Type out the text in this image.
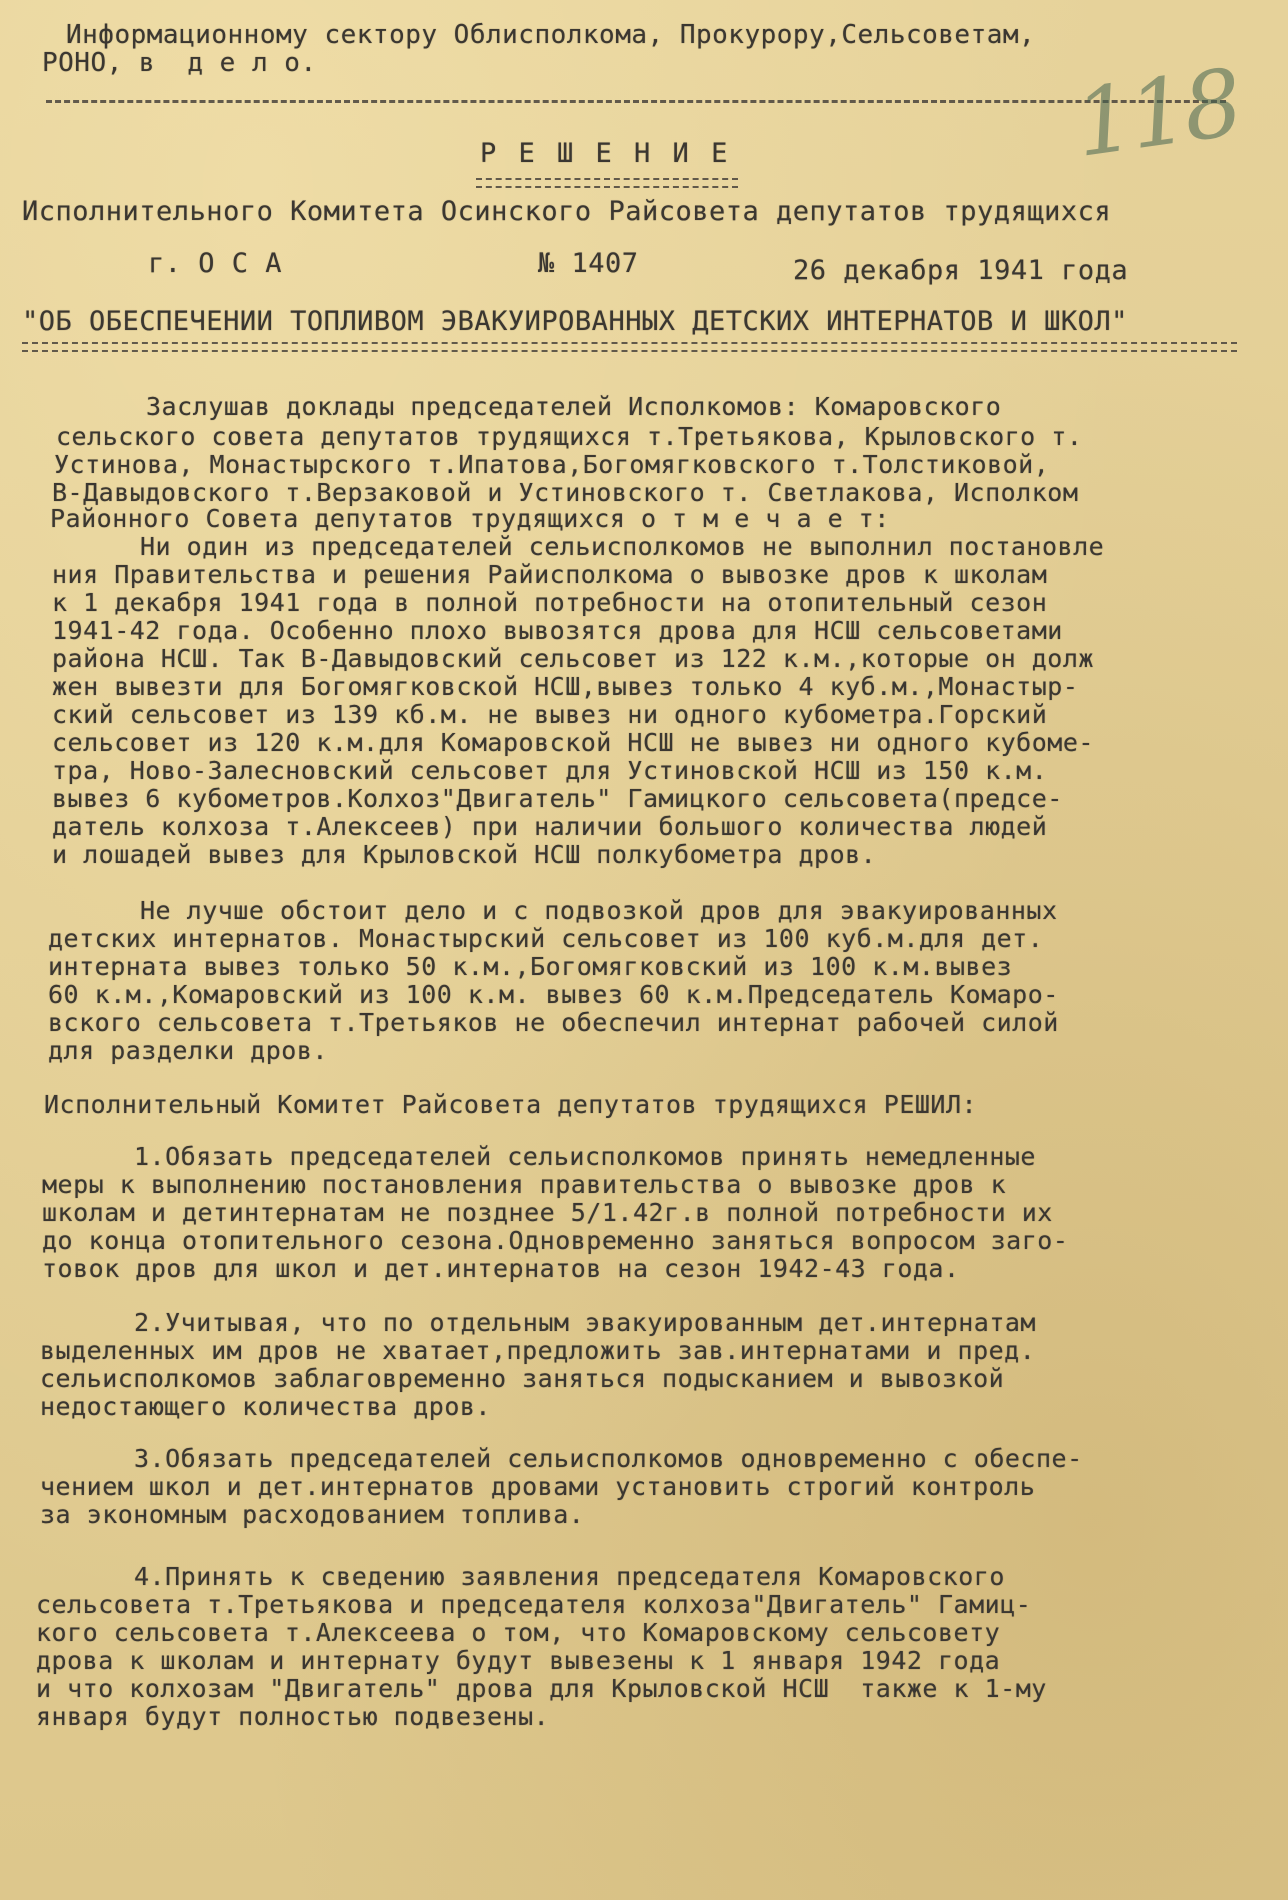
Информационному сектору Облисполкома, Прокурору,Сельсоветам,
РОНО, в  д е л о.	118
Р Е Ш Е Н И Е
Исполнительного Комитета Осинского Райсовета депутатов трудящихся
г. О С А	№ 1407	26 декабря 1941 года
"ОБ ОБЕСПЕЧЕНИИ ТОПЛИВОМ ЭВАКУИРОВАННЫХ ДЕТСКИХ ИНТЕРНАТОВ И ШКОЛ"
Заслушав доклады председателей Исполкомов: Комаровского
сельского совета депутатов трудящихся т.Третьякова, Крыловского т.
Устинова, Монастырского т.Ипатова,Богомягковского т.Толстиковой,
В-Давыдовского т.Верзаковой и Устиновского т. Светлакова, Исполком
Районного Совета депутатов трудящихся о т м е ч а е т:
Ни один из председателей сельисполкомов не выполнил постановле
ния Правительства и решения Райисполкома о вывозке дров к школам
к 1 декабря 1941 года в полной потребности на отопительный сезон
1941-42 года. Особенно плохо вывозятся дрова для НСШ сельсоветами
района НСШ. Так В-Давыдовский сельсовет из 122 к.м.,которые он долж
жен вывезти для Богомягковской НСШ,вывез только 4 куб.м.,Монастыр-
ский сельсовет из 139 кб.м. не вывез ни одного кубометра.Горский
сельсовет из 120 к.м.для Комаровской НСШ не вывез ни одного кубоме-
тра, Ново-Залесновский сельсовет для Устиновской НСШ из 150 к.м.
вывез 6 кубометров.Колхоз"Двигатель" Гамицкого сельсовета(предсе-
датель колхоза т.Алексеев) при наличии большого количества людей
и лошадей вывез для Крыловской НСШ полкубометра дров.
Не лучше обстоит дело и с подвозкой дров для эвакуированных
детских интернатов. Монастырский сельсовет из 100 куб.м.для дет.
интерната вывез только 50 к.м.,Богомягковский из 100 к.м.вывез
60 к.м.,Комаровский из 100 к.м. вывез 60 к.м.Председатель Комаро-
вского сельсовета т.Третьяков не обеспечил интернат рабочей силой
для разделки дров.
Исполнительный Комитет Райсовета депутатов трудящихся РЕШИЛ:
1.Обязать председателей сельисполкомов принять немедленные
меры к выполнению постановления правительства о вывозке дров к
школам и детинтернатам не позднее 5/1.42г.в полной потребности их
до конца отопительного сезона.Одновременно заняться вопросом заго-
товок дров для школ и дет.интернатов на сезон 1942-43 года.
2.Учитывая, что по отдельным эвакуированным дет.интернатам
выделенных им дров не хватает,предложить зав.интернатами и пред.
сельисполкомов заблаговременно заняться подысканием и вывозкой
недостающего количества дров.
3.Обязать председателей сельисполкомов одновременно с обеспе-
чением школ и дет.интернатов дровами установить строгий контроль
за экономным расходованием топлива.
4.Принять к сведению заявления председателя Комаровского
сельсовета т.Третьякова и председателя колхоза"Двигатель" Гамиц-
кого сельсовета т.Алексеева о том, что Комаровскому сельсовету
дрова к школам и интернату будут вывезены к 1 января 1942 года
и что колхозам "Двигатель" дрова для Крыловской НСШ  также к 1-му
января будут полностью подвезены.
